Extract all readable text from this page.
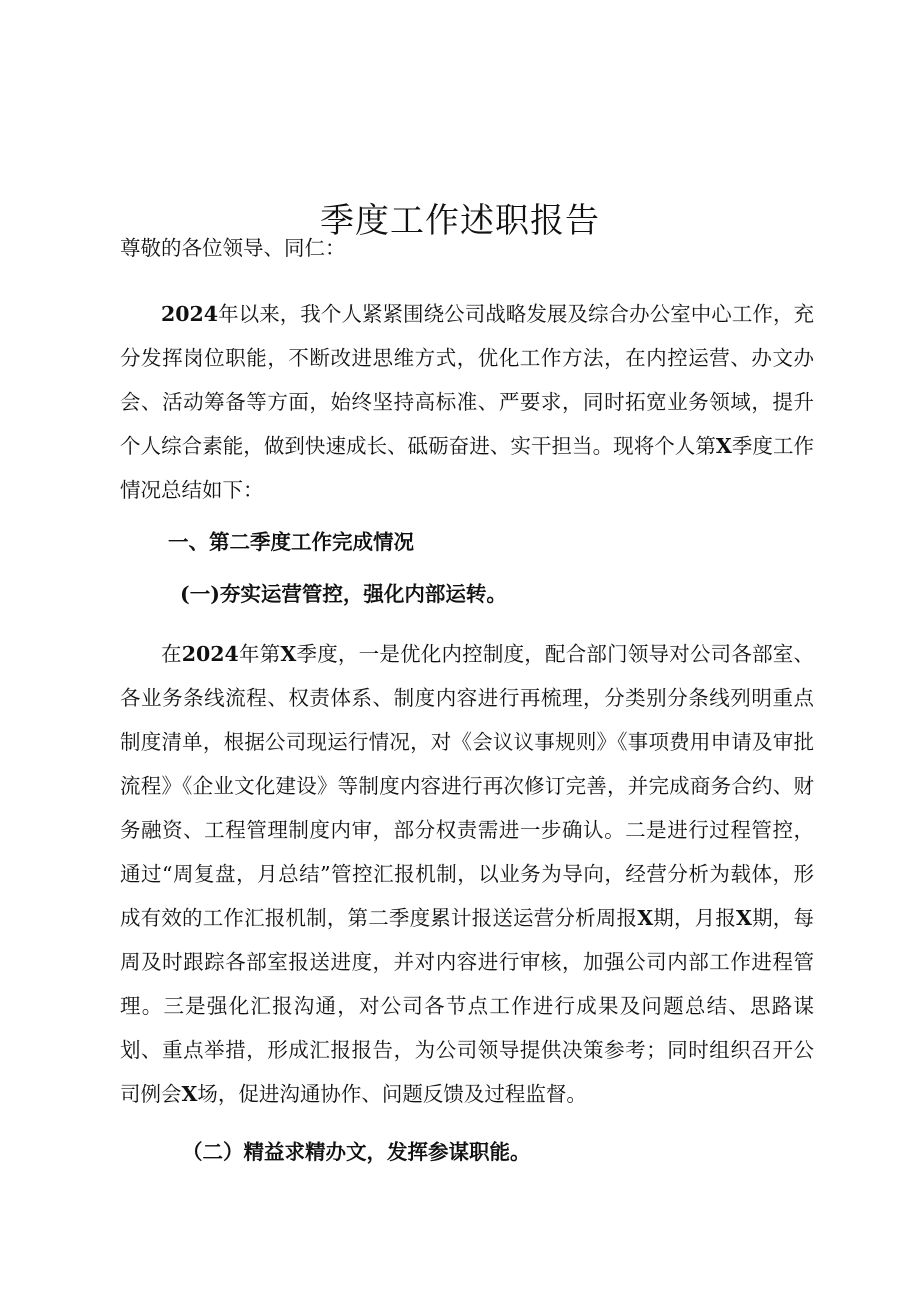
季度工作述职报告

尊敬的各位领导、同仁：

2024年以来，我个人紧紧围绕公司战略发展及综合办公室中心工作，充分发挥岗位职能，不断改进思维方式，优化工作方法，在内控运营、办文办会、活动筹备等方面，始终坚持高标准、严要求，同时拓宽业务领域，提升个人综合素能，做到快速成长、砥砺奋进、实干担当。现将个人第X季度工作情况总结如下：

一、第二季度工作完成情况

(一)夯实运营管控，强化内部运转。

在2024年第X季度，一是优化内控制度，配合部门领导对公司各部室、各业务条线流程、权责体系、制度内容进行再梳理，分类别分条线列明重点制度清单，根据公司现运行情况，对《会议议事规则》《事项费用申请及审批流程》《企业文化建设》等制度内容进行再次修订完善，并完成商务合约、财务融资、工程管理制度内审，部分权责需进一步确认。二是进行过程管控，通过“周复盘，月总结”管控汇报机制，以业务为导向，经营分析为载体，形成有效的工作汇报机制，第二季度累计报送运营分析周报X期，月报X期，每周及时跟踪各部室报送进度，并对内容进行审核，加强公司内部工作进程管理。三是强化汇报沟通，对公司各节点工作进行成果及问题总结、思路谋划、重点举措，形成汇报报告，为公司领导提供决策参考；同时组织召开公司例会X场，促进沟通协作、问题反馈及过程监督。

（二）精益求精办文，发挥参谋职能。
